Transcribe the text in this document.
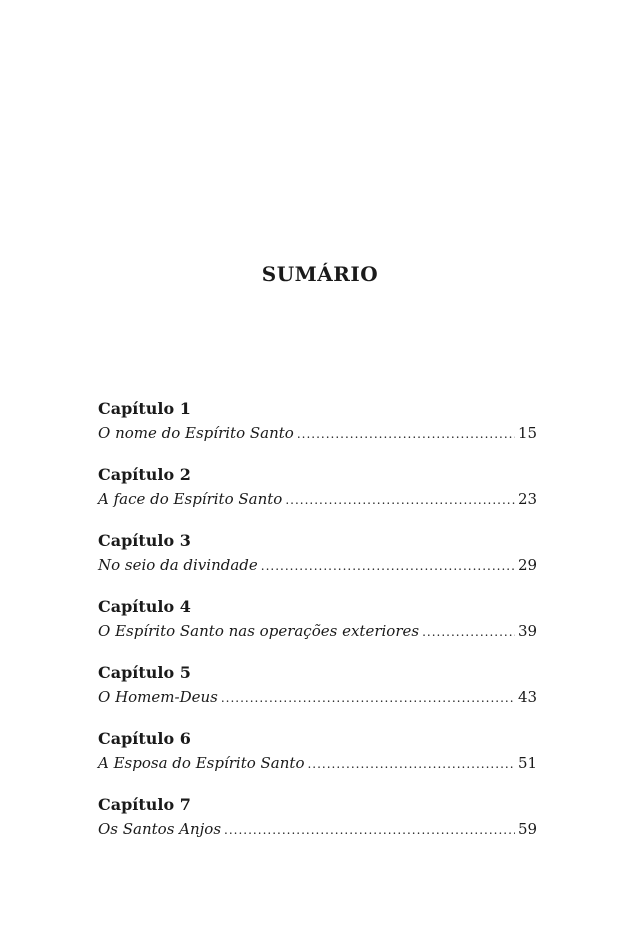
SUMÁRIO
Capítulo 1
O nome do Espírito Santo .....	15
Capítulo 2
A face do Espírito Santo .....	23
Capítulo 3
No seio da divindade .....	29
Capítulo 4
O Espírito Santo nas operações exteriores .....	39
Capítulo 5
O Homem-Deus .....	43
Capítulo 6
A Esposa do Espírito Santo .....	51
Capítulo 7
Os Santos Anjos .....	59
